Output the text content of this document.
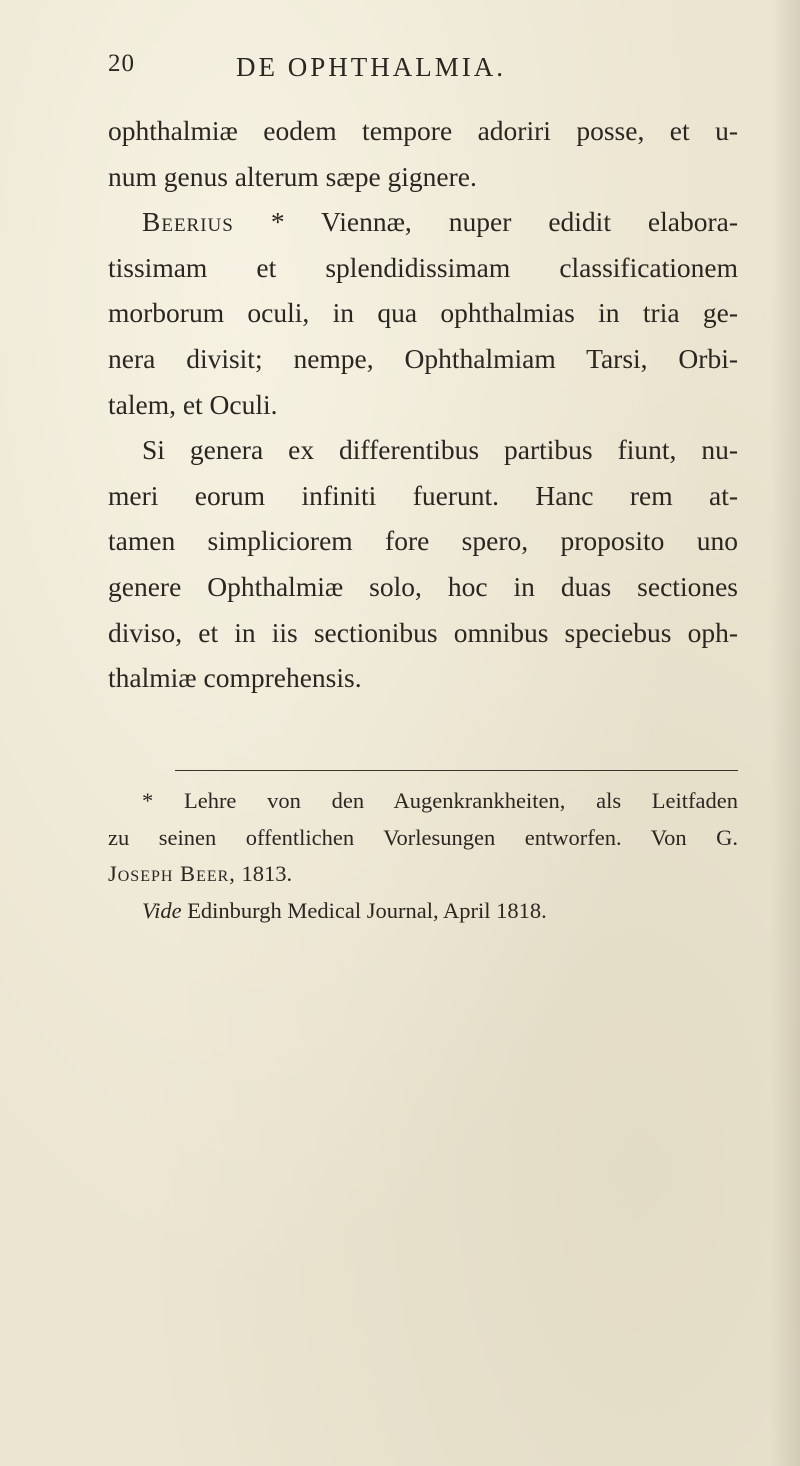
20	DE OPHTHALMIA.
ophthalmiæ eodem tempore adoriri posse, et u-
num genus alterum sæpe gignere.
Beerius * Viennæ, nuper edidit elabora-
tissimam et splendidissimam classificationem
morborum oculi, in qua ophthalmias in tria ge-
nera divisit; nempe, Ophthalmiam Tarsi, Orbi-
talem, et Oculi.
Si genera ex differentibus partibus fiunt, nu-
meri eorum infiniti fuerunt. Hanc rem at-
tamen simpliciorem fore spero, proposito uno
genere Ophthalmiæ solo, hoc in duas sectiones
diviso, et in iis sectionibus omnibus speciebus oph-
thalmiæ comprehensis.
* Lehre von den Augenkrankheiten, als Leitfaden
zu seinen offentlichen Vorlesungen entworfen. Von G.
Joseph Beer, 1813.
Vide Edinburgh Medical Journal, April 1818.
